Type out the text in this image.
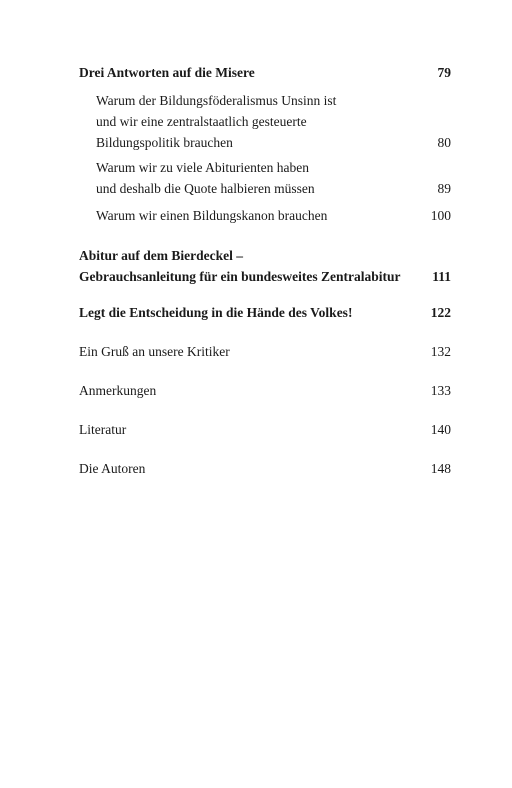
Drei Antworten auf die Misere	79
Warum der Bildungsföderalismus Unsinn ist
und wir eine zentralstaatlich gesteuerte
Bildungspolitik brauchen	80
Warum wir zu viele Abiturienten haben
und deshalb die Quote halbieren müssen	89
Warum wir einen Bildungskanon brauchen	100
Abitur auf dem Bierdeckel –
Gebrauchsanleitung für ein bundesweites Zentralabitur 111
Legt die Entscheidung in die Hände des Volkes!	122
Ein Gruß an unsere Kritiker	132
Anmerkungen	133
Literatur	140
Die Autoren	148
